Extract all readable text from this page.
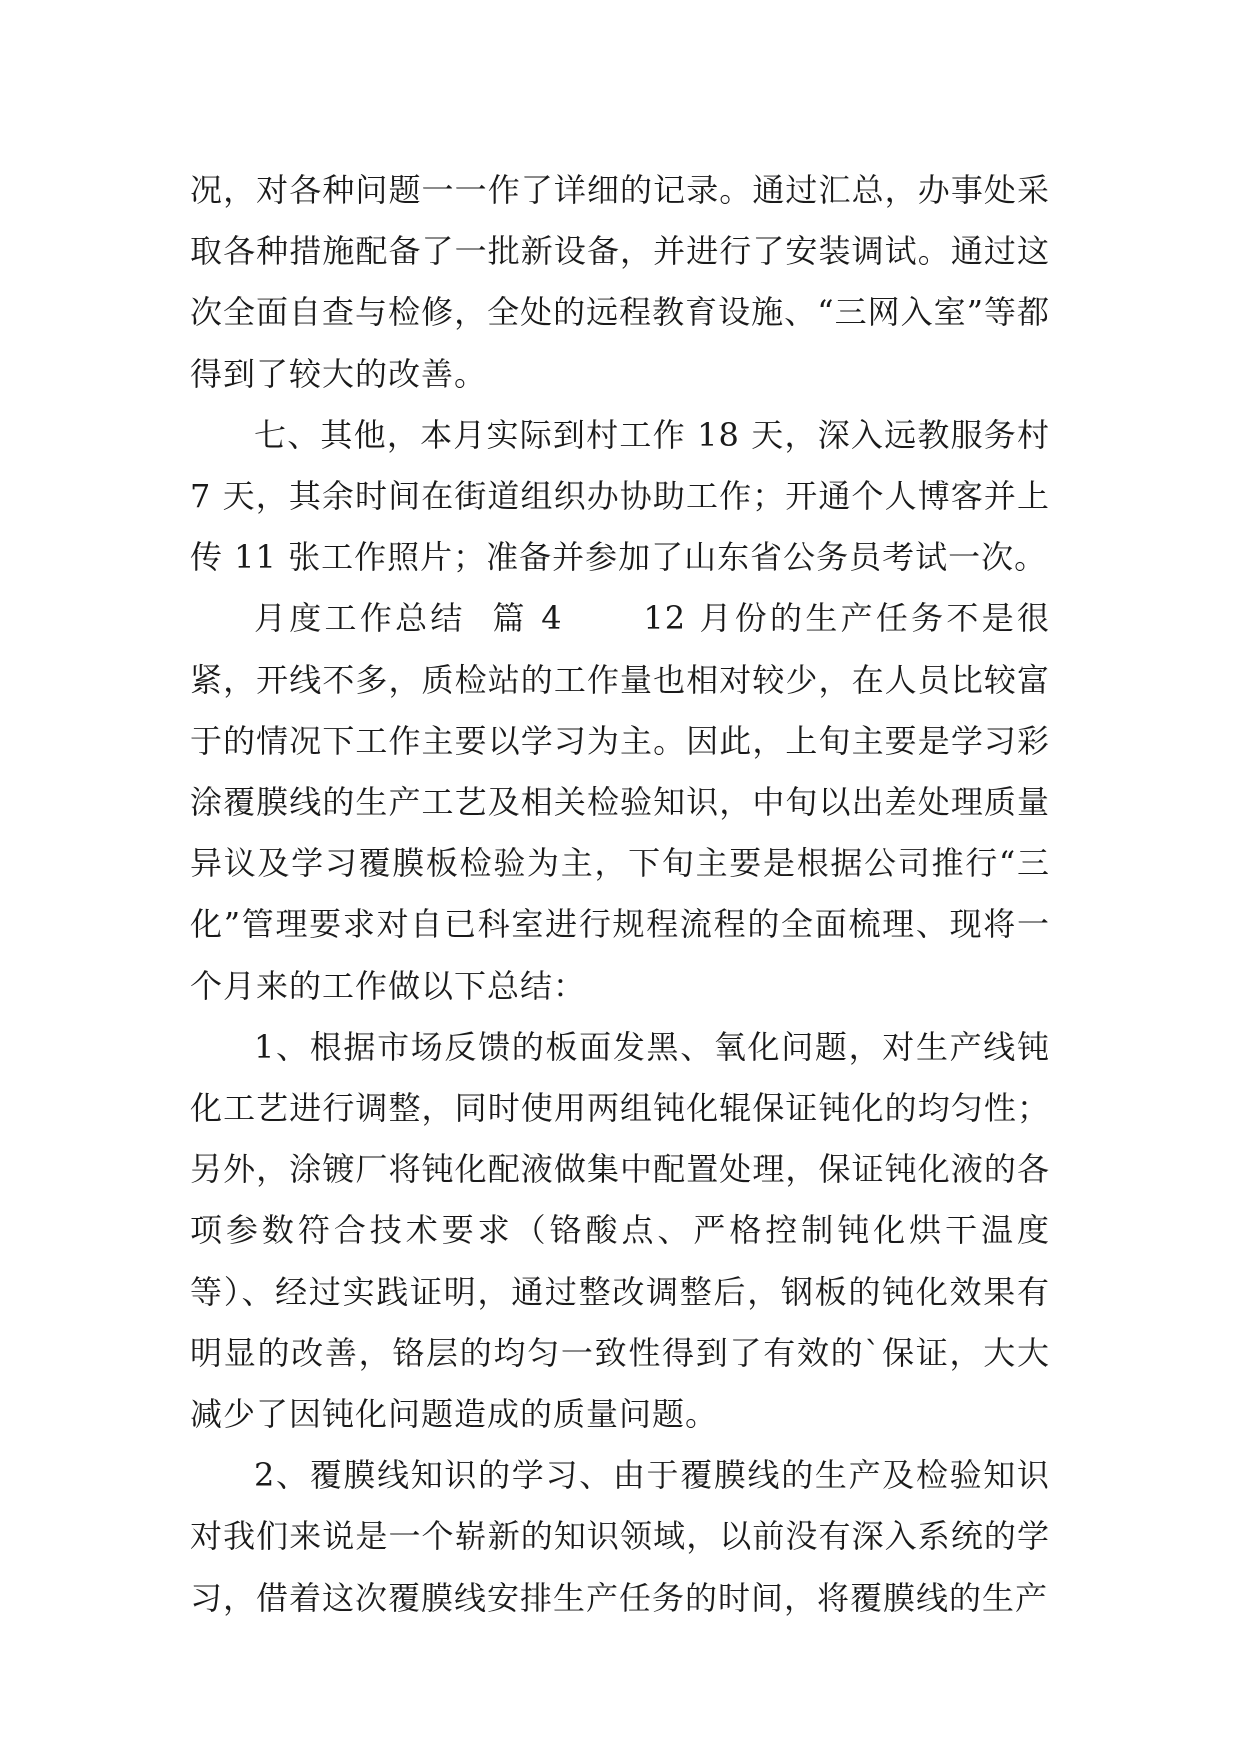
况，对各种问题一一作了详细的记录。通过汇总，办事处采取各种措施配备了一批新设备，并进行了安装调试。通过这次全面自查与检修，全处的远程教育设施、“三网入室”等都得到了较大的改善。

七、其他，本月实际到村工作 18 天，深入远教服务村 7 天，其余时间在街道组织办协助工作；开通个人博客并上传 11 张工作照片；准备并参加了山东省公务员考试一次。

月度工作总结  篇 4      12 月份的生产任务不是很紧，开线不多，质检站的工作量也相对较少，在人员比较富于的情况下工作主要以学习为主。因此，上旬主要是学习彩涂覆膜线的生产工艺及相关检验知识，中旬以出差处理质量异议及学习覆膜板检验为主，下旬主要是根据公司推行“三化”管理要求对自已科室进行规程流程的全面梳理、现将一个月来的工作做以下总结：

1、根据市场反馈的板面发黑、氧化问题，对生产线钝化工艺进行调整，同时使用两组钝化辊保证钝化的均匀性；另外，涂镀厂将钝化配液做集中配置处理，保证钝化液的各项参数符合技术要求（铬酸点、严格控制钝化烘干温度等）、经过实践证明，通过整改调整后，钢板的钝化效果有明显的改善，铬层的均匀一致性得到了有效的`保证，大大减少了因钝化问题造成的质量问题。

2、覆膜线知识的学习、由于覆膜线的生产及检验知识对我们来说是一个崭新的知识领域，以前没有深入系统的学习，借着这次覆膜线安排生产任务的时间，将覆膜线的生产
